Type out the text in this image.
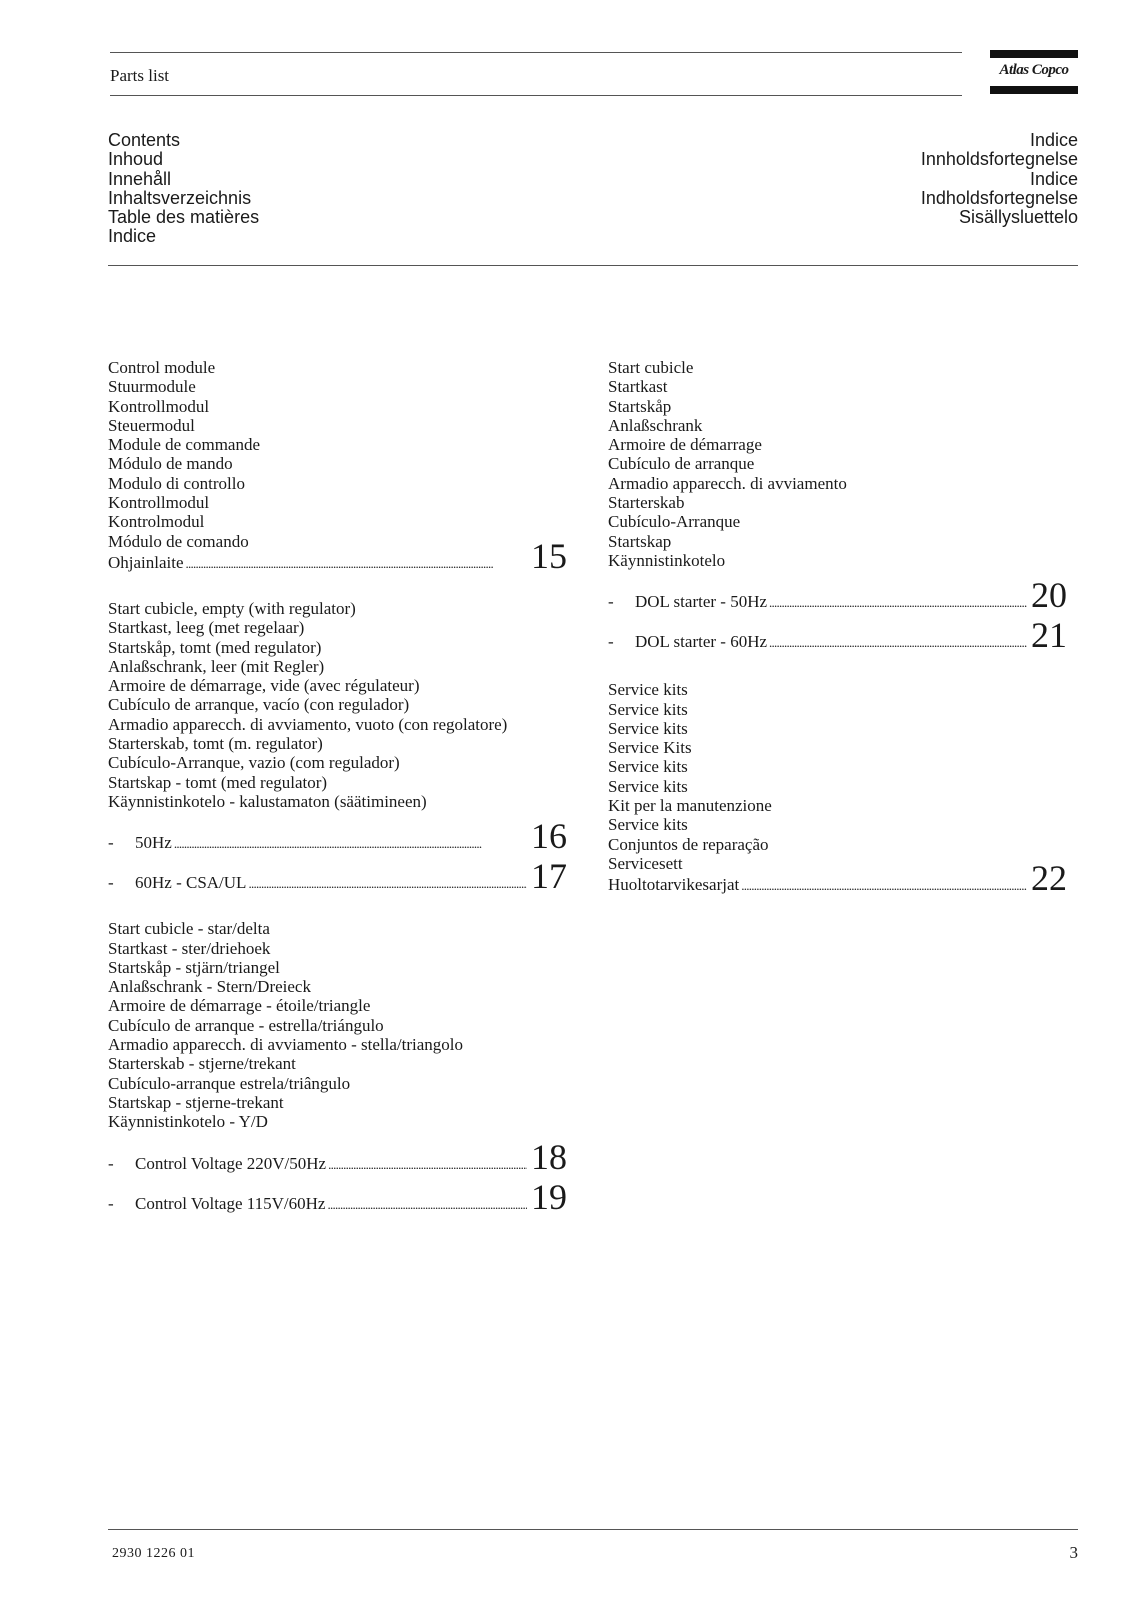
Parts list	Atlas Copco
Contents
Inhoud
Innehåll
Inhaltsverzeichnis
Table des matières
Indice
Indice
Innholdsfortegnelse
Indice
Indholdsfortegnelse
Sisällysluettelo
Control module
Stuurmodule
Kontrollmodul
Steuermodul
Module de commande
Módulo de mando
Modulo di controllo
Kontrollmodul
Kontrolmodul
Módulo de comando
Ohjainlaite . . .	15
Start cubicle, empty (with regulator)
Startkast, leeg (met regelaar)
Startskåp, tomt (med regulator)
Anlaßschrank, leer (mit Regler)
Armoire de démarrage, vide (avec régulateur)
Cubículo de arranque, vacío (con regulador)
Armadio apparecch. di avviamento, vuoto (con regolatore)
Starterskab, tomt (m. regulator)
Cubículo-Arranque, vazio (com regulador)
Startskap - tomt (med regulator)
Käynnistinkotelo - kalustamaton (säätimineen)
-	50Hz . . .	16
-	60Hz - CSA/UL . . .	17
Start cubicle - star/delta
Startkast - ster/driehoek
Startskåp - stjärn/triangel
Anlaßschrank - Stern/Dreieck
Armoire de démarrage - étoile/triangle
Cubículo de arranque - estrella/triángulo
Armadio apparecch. di avviamento - stella/triangolo
Starterskab - stjerne/trekant
Cubículo-arranque estrela/triângulo
Startskap - stjerne-trekant
Käynnistinkotelo - Y/D
-	Control Voltage 220V/50Hz . . .	18
-	Control Voltage 115V/60Hz . . .	19
Start cubicle
Startkast
Startskåp
Anlaßschrank
Armoire de démarrage
Cubículo de arranque
Armadio apparecch. di avviamento
Starterskab
Cubículo-Arranque
Startskap
Käynnistinkotelo
-	DOL starter - 50Hz . . .	20
-	DOL starter - 60Hz . . .	21
Service kits
Service kits
Service kits
Service Kits
Service kits
Service kits
Kit per la manutenzione
Service kits
Conjuntos de reparação
Servicesett
Huoltotarvikesarjat . . .	22
2930 1226 01	3
